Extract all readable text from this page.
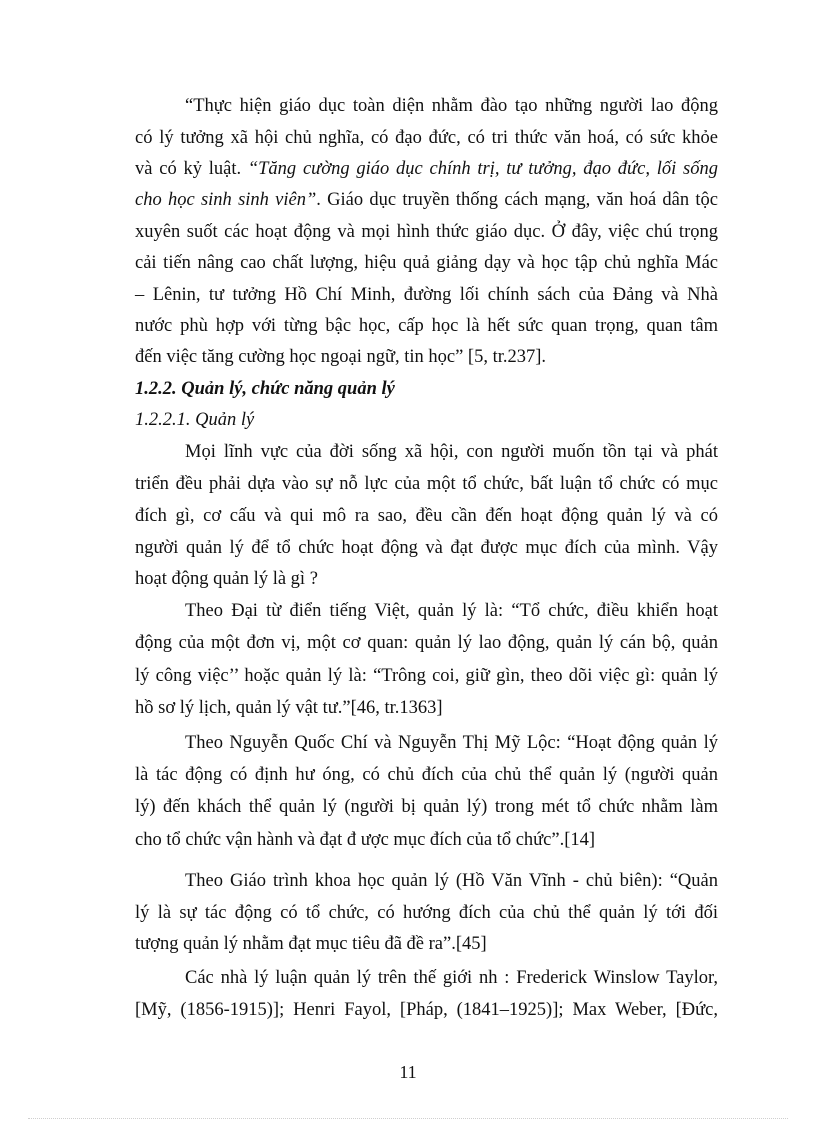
“Thực hiện giáo dục toàn diện nhằm đào tạo những người lao động
có lý tưởng xã hội chủ nghĩa, có đạo đức, có tri thức văn hoá, có sức khỏe
và có kỷ luật. “Tăng cường giáo dục chính trị, tư tưởng, đạo đức, lối sống
cho học sinh sinh viên”. Giáo dục truyền thống cách mạng, văn hoá dân tộc
xuyên suốt các hoạt động và mọi hình thức giáo dục. Ở đây, việc chú trọng
cải tiến nâng cao chất lượng, hiệu quả giảng dạy và học tập chủ nghĩa Mác
– Lênin, tư tưởng Hồ Chí Minh, đường lối chính sách của Đảng và Nhà
nước phù hợp với từng bậc học, cấp học là hết sức quan trọng, quan tâm
đến việc tăng cường học ngoại ngữ, tin học” [5, tr.237].
1.2.2. Quản lý, chức năng quản lý
1.2.2.1. Quản lý
Mọi lĩnh vực của đời sống xã hội, con người muốn tồn tại và phát
triển đều phải dựa vào sự nỗ lực của một tổ chức, bất luận tổ chức có mục
đích gì, cơ cấu và qui mô ra sao, đều cần đến hoạt động quản lý và có
người quản lý để tổ chức hoạt động và đạt được mục đích của mình. Vậy
hoạt động quản lý là gì ?
Theo Đại từ điển tiếng Việt, quản lý là: “Tổ chức, điều khiển hoạt
động của một đơn vị, một cơ quan: quản lý lao động, quản lý cán bộ, quản
lý công việc’’ hoặc quản lý là: “Trông coi, giữ gìn, theo dõi việc gì: quản lý
hồ sơ lý lịch, quản lý vật tư.”[46, tr.1363]
Theo Nguyễn Quốc Chí và Nguyễn Thị Mỹ Lộc: “Hoạt động quản lý
là tác động có định hư óng, có chủ đích của chủ thể quản lý (người quản
lý) đến khách thể quản lý (người bị quản lý) trong mét tổ chức nhằm làm
cho tổ chức vận hành và đạt đ ược mục đích của tổ chức”.[14]
Theo Giáo trình khoa học quản lý (Hồ Văn Vĩnh - chủ biên): “Quản
lý là sự tác động có tổ chức, có hướng đích của chủ thể quản lý tới đối
tượng quản lý nhằm đạt mục tiêu đã đề ra”.[45]
Các nhà lý luận quản lý trên thế giới nh : Frederick Winslow Taylor,
[Mỹ, (1856-1915)]; Henri Fayol, [Pháp, (1841–1925)]; Max Weber, [Đức,
11
